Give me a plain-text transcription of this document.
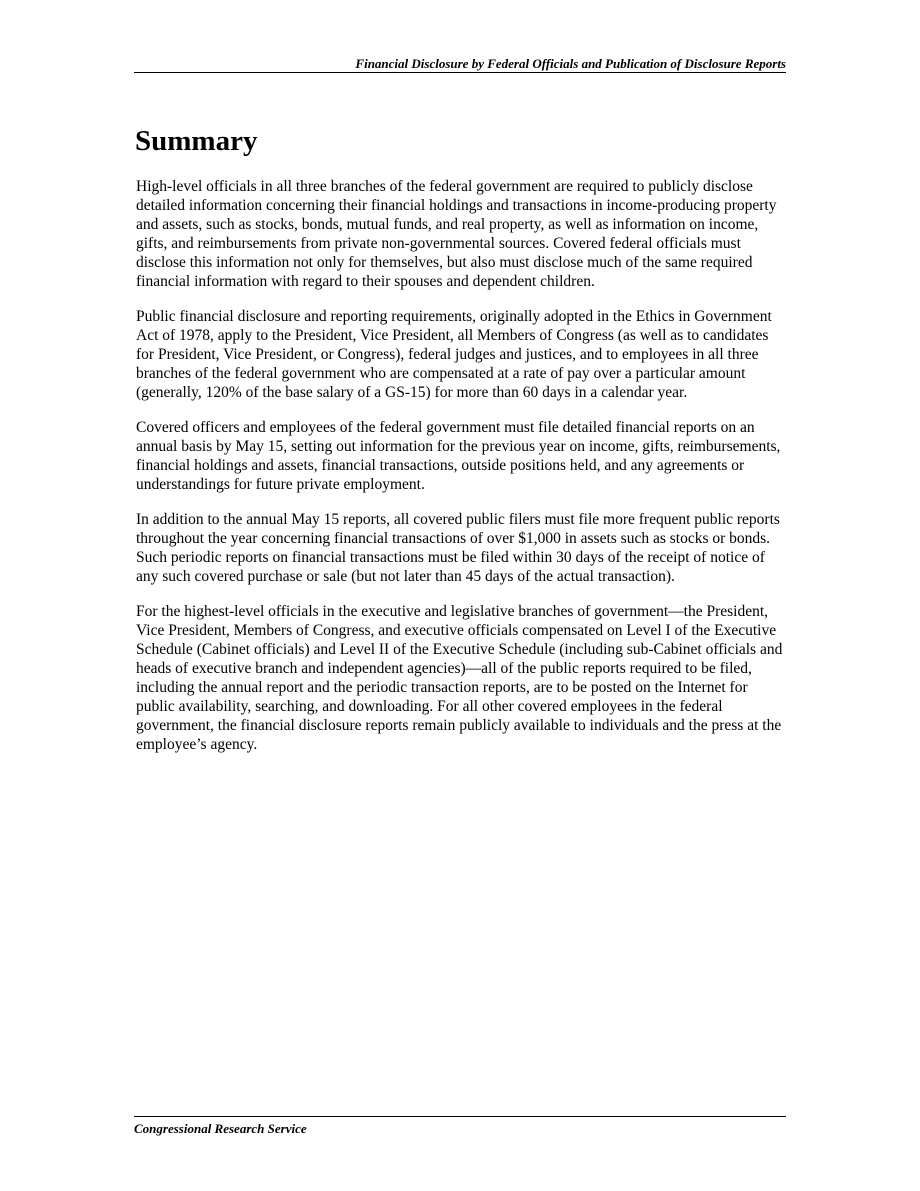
Financial Disclosure by Federal Officials and Publication of Disclosure Reports
Summary

High-level officials in all three branches of the federal government are required to publicly disclose detailed information concerning their financial holdings and transactions in income-producing property and assets, such as stocks, bonds, mutual funds, and real property, as well as information on income, gifts, and reimbursements from private non-governmental sources. Covered federal officials must disclose this information not only for themselves, but also must disclose much of the same required financial information with regard to their spouses and dependent children.

Public financial disclosure and reporting requirements, originally adopted in the Ethics in Government Act of 1978, apply to the President, Vice President, all Members of Congress (as well as to candidates for President, Vice President, or Congress), federal judges and justices, and to employees in all three branches of the federal government who are compensated at a rate of pay over a particular amount (generally, 120% of the base salary of a GS-15) for more than 60 days in a calendar year.

Covered officers and employees of the federal government must file detailed financial reports on an annual basis by May 15, setting out information for the previous year on income, gifts, reimbursements, financial holdings and assets, financial transactions, outside positions held, and any agreements or understandings for future private employment.

In addition to the annual May 15 reports, all covered public filers must file more frequent public reports throughout the year concerning financial transactions of over $1,000 in assets such as stocks or bonds. Such periodic reports on financial transactions must be filed within 30 days of the receipt of notice of any such covered purchase or sale (but not later than 45 days of the actual transaction).

For the highest-level officials in the executive and legislative branches of government—the President, Vice President, Members of Congress, and executive officials compensated on Level I of the Executive Schedule (Cabinet officials) and Level II of the Executive Schedule (including sub-Cabinet officials and heads of executive branch and independent agencies)—all of the public reports required to be filed, including the annual report and the periodic transaction reports, are to be posted on the Internet for public availability, searching, and downloading. For all other covered employees in the federal government, the financial disclosure reports remain publicly available to individuals and the press at the employee’s agency.

Congressional Research Service
